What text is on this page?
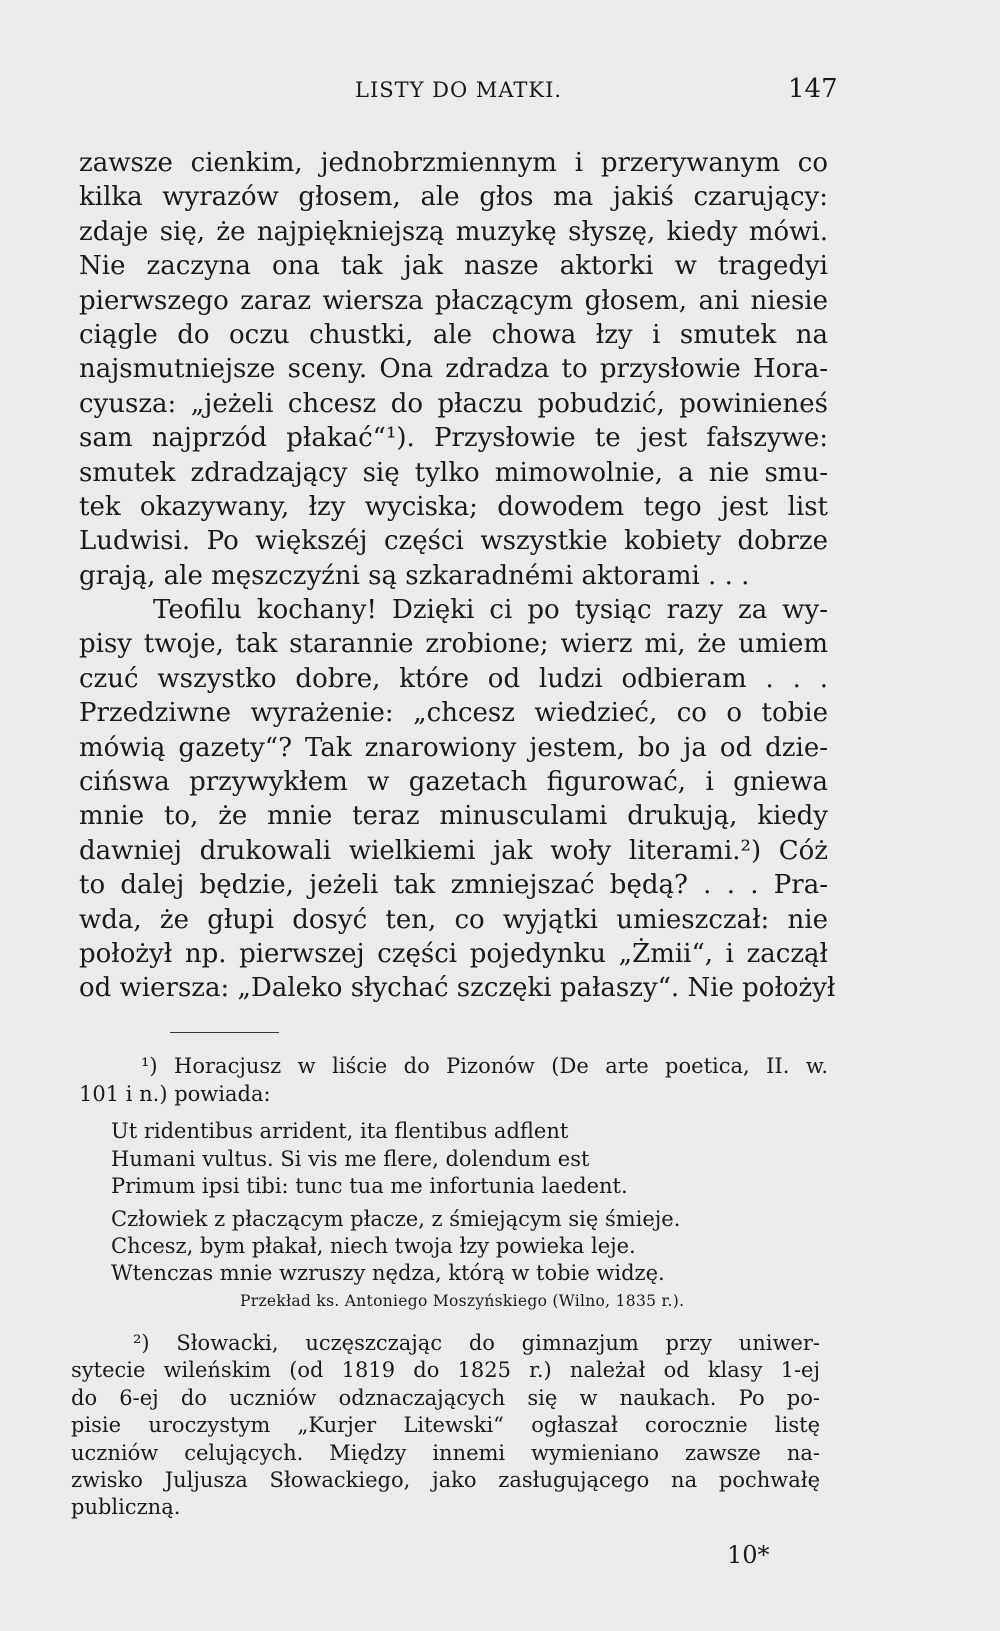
LISTY DO MATKI.	147
zawsze cienkim, jednobrzmiennym i przerywanym co
kilka wyrazów głosem, ale głos ma jakiś czarujący:
zdaje się, że najpiękniejszą muzykę słyszę, kiedy mówi.
Nie zaczyna ona tak jak nasze aktorki w tragedyi
pierwszego zaraz wiersza płaczącym głosem, ani niesie
ciągle do oczu chustki, ale chowa łzy i smutek na
najsmutniejsze sceny. Ona zdradza to przysłowie Hora-
cyusza: „jeżeli chcesz do płaczu pobudzić, powinieneś
sam najprzód płakać“¹). Przysłowie te jest fałszywe:
smutek zdradzający się tylko mimowolnie, a nie smu-
tek okazywany, łzy wyciska; dowodem tego jest list
Ludwisi. Po większéj części wszystkie kobiety dobrze
grają, ale męszczyźni są szkaradnémi aktorami . . .
Teofilu kochany! Dzięki ci po tysiąc razy za wy-
pisy twoje, tak starannie zrobione; wierz mi, że umiem
czuć wszystko dobre, które od ludzi odbieram . . .
Przedziwne wyrażenie: „chcesz wiedzieć, co o tobie
mówią gazety“? Tak znarowiony jestem, bo ja od dzie-
cińswa przywykłem w gazetach figurować, i gniewa
mnie to, że mnie teraz minusculami drukują, kiedy
dawniej drukowali wielkiemi jak woły literami.²) Cóż
to dalej będzie, jeżeli tak zmniejszać będą? . . . Pra-
wda, że głupi dosyć ten, co wyjątki umieszczał: nie
położył np. pierwszej części pojedynku „Żmii“, i zaczął
od wiersza: „Daleko słychać szczęki pałaszy“. Nie położył
¹) Horacjusz w liście do Pizonów (De arte poetica, II. w.
101 i n.) powiada:
Ut ridentibus arrident, ita flentibus adflent
Humani vultus. Si vis me flere, dolendum est
Primum ipsi tibi: tunc tua me infortunia laedent.
Człowiek z płaczącym płacze, z śmiejącym się śmieje.
Chcesz, bym płakał, niech twoja łzy powieka leje.
Wtenczas mnie wzruszy nędza, którą w tobie widzę.
Przekład ks. Antoniego Moszyńskiego (Wilno, 1835 r.).
²) Słowacki, uczęszczając do gimnazjum przy uniwer-
sytecie wileńskim (od 1819 do 1825 r.) należał od klasy 1-ej
do 6-ej do uczniów odznaczających się w naukach. Po po-
pisie uroczystym „Kurjer Litewski“ ogłaszał corocznie listę
uczniów celujących. Między innemi wymieniano zawsze na-
zwisko Juljusza Słowackiego, jako zasługującego na pochwałę
publiczną.
10*
